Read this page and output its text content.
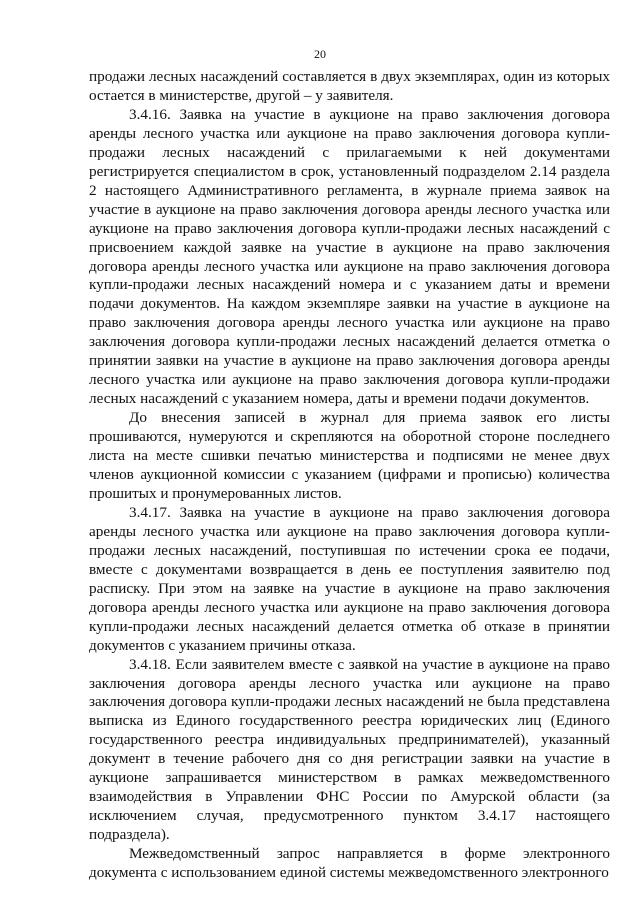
20

продажи лесных насаждений составляется в двух экземплярах, один из которых остается в министерстве, другой – у заявителя.

3.4.16. Заявка на участие в аукционе на право заключения договора аренды лесного участка или аукционе на право заключения договора купли-продажи лесных насаждений с прилагаемыми к ней документами регистрируется специалистом в срок, установленный подразделом 2.14 раздела 2 настоящего Административного регламента, в журнале приема заявок на участие в аукционе на право заключения договора аренды лесного участка или аукционе на право заключения договора купли-продажи лесных насаждений с присвоением каждой заявке на участие в аукционе на право заключения договора аренды лесного участка или аукционе на право заключения договора купли-продажи лесных насаждений номера и с указанием даты и времени подачи документов. На каждом экземпляре заявки на участие в аукционе на право заключения договора аренды лесного участка или аукционе на право заключения договора купли-продажи лесных насаждений делается отметка о принятии заявки на участие в аукционе на право заключения договора аренды лесного участка или аукционе на право заключения договора купли-продажи лесных насаждений с указанием номера, даты и времени подачи документов.

До внесения записей в журнал для приема заявок его листы прошиваются, нумеруются и скрепляются на оборотной стороне последнего листа на месте сшивки печатью министерства и подписями не менее двух членов аукционной комиссии с указанием (цифрами и прописью) количества прошитых и пронумерованных листов.

3.4.17. Заявка на участие в аукционе на право заключения договора аренды лесного участка или аукционе на право заключения договора купли-продажи лесных насаждений, поступившая по истечении срока ее подачи, вместе с документами возвращается в день ее поступления заявителю под расписку. При этом на заявке на участие в аукционе на право заключения договора аренды лесного участка или аукционе на право заключения договора купли-продажи лесных насаждений делается отметка об отказе в принятии документов с указанием причины отказа.

3.4.18. Если заявителем вместе с заявкой на участие в аукционе на право заключения договора аренды лесного участка или аукционе на право заключения договора купли-продажи лесных насаждений не была представлена выписка из Единого государственного реестра юридических лиц (Единого государственного реестра индивидуальных предпринимателей), указанный документ в течение рабочего дня со дня регистрации заявки на участие в аукционе запрашивается министерством в рамках межведомственного взаимодействия в Управлении ФНС России по Амурской области (за исключением случая, предусмотренного пунктом 3.4.17 настоящего подраздела).

Межведомственный запрос направляется в форме электронного документа с использованием единой системы межведомственного электронного
